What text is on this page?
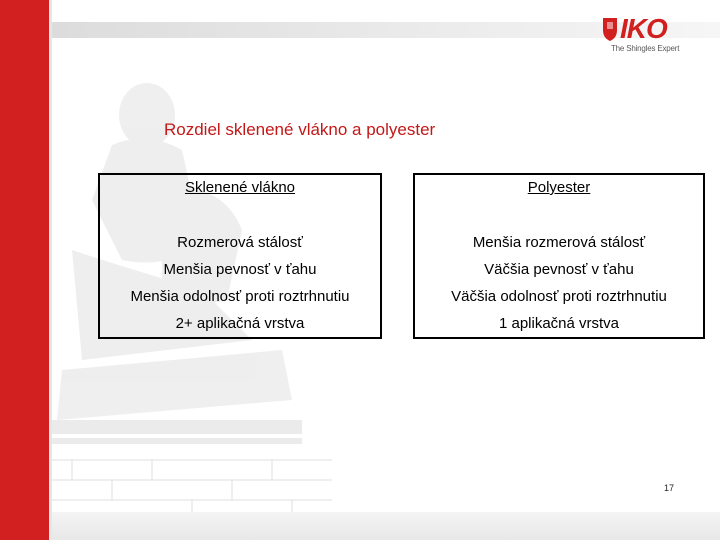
IKO
The Shingles Expert
Rozdiel sklenené vlákno a polyester
Sklenené vlákno
Rozmerová stálosť
Menšia pevnosť v ťahu
Menšia odolnosť proti roztrhnutiu
2+ aplikačná vrstva
Polyester
Menšia rozmerová stálosť
Väčšia pevnosť v ťahu
Väčšia odolnosť proti roztrhnutiu
1 aplikačná vrstva
17
